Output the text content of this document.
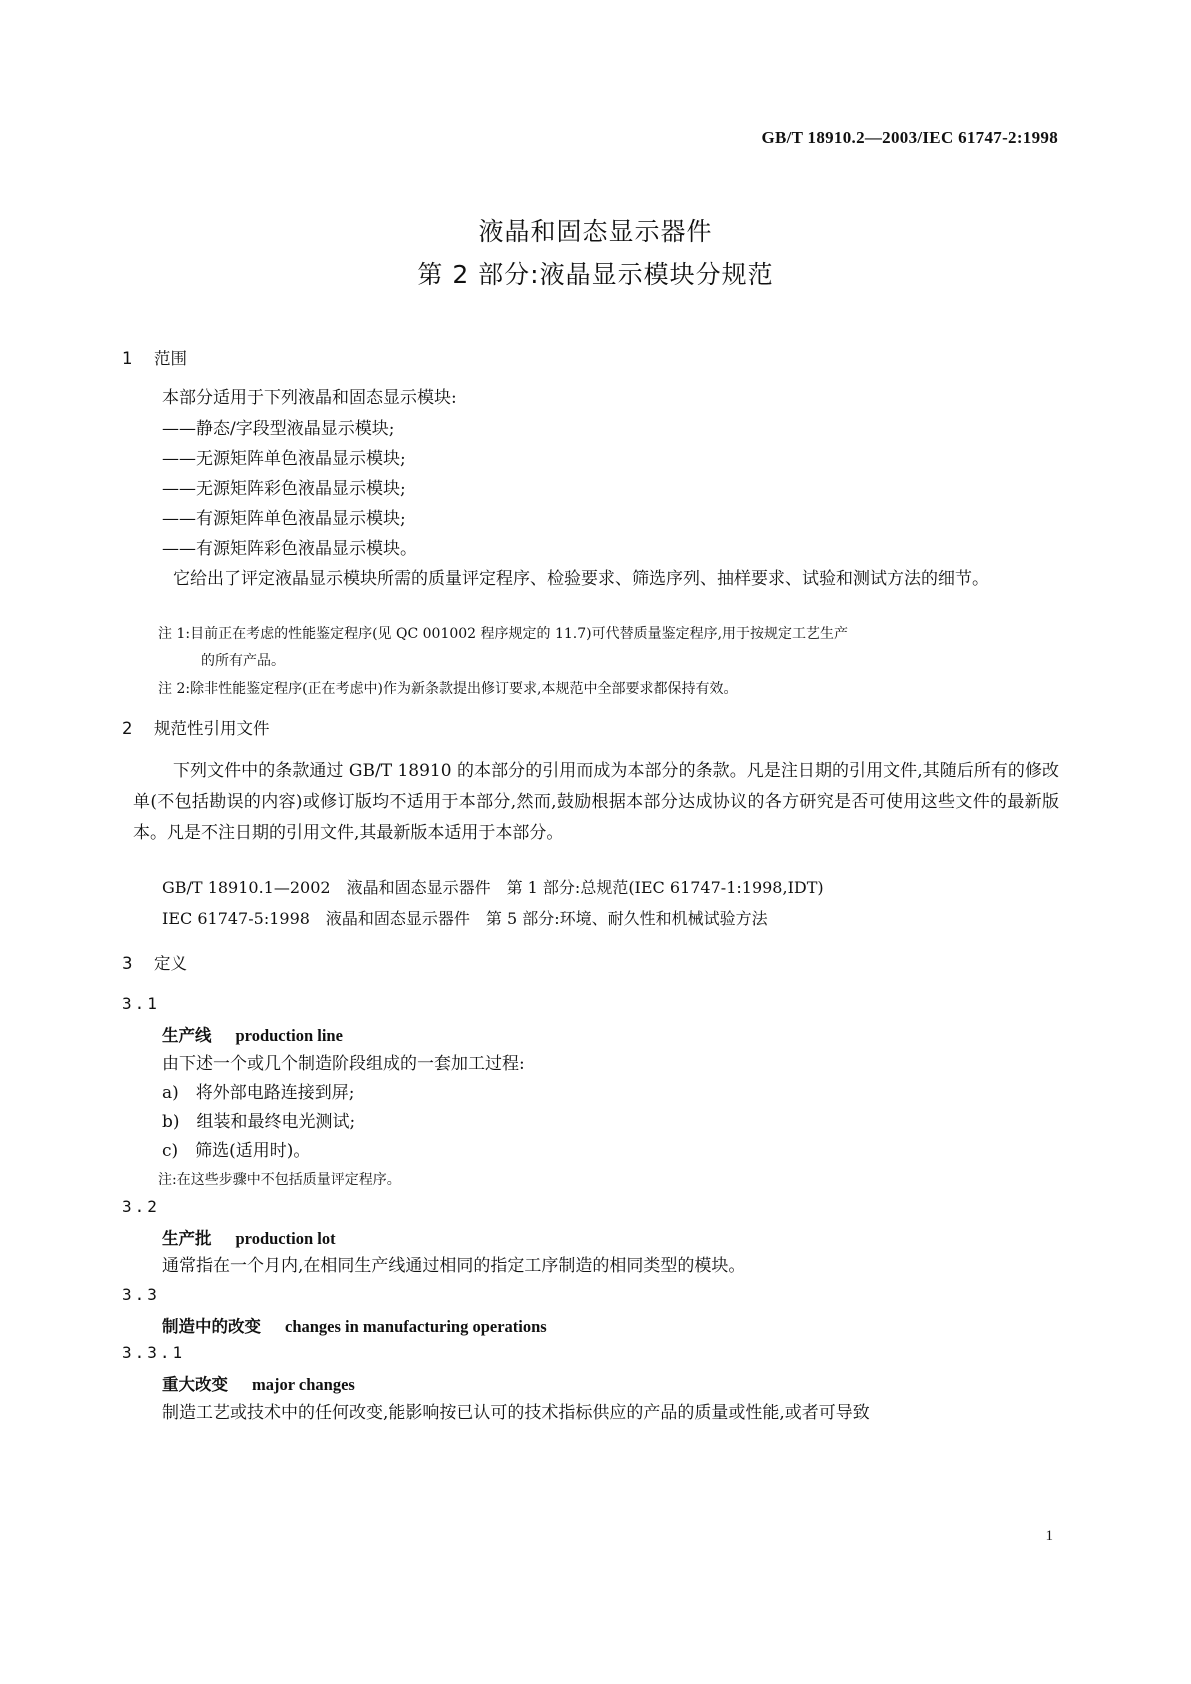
GB/T 18910.2—2003/IEC 61747-2:1998
液晶和固态显示器件
第 2 部分:液晶显示模块分规范
1 范围
本部分适用于下列液晶和固态显示模块:
——静态/字段型液晶显示模块;
——无源矩阵单色液晶显示模块;
——无源矩阵彩色液晶显示模块;
——有源矩阵单色液晶显示模块;
——有源矩阵彩色液晶显示模块。
它给出了评定液晶显示模块所需的质量评定程序、检验要求、筛选序列、抽样要求、试验和测试方法的细节。
注 1:目前正在考虑的性能鉴定程序(见 QC 001002 程序规定的 11.7)可代替质量鉴定程序,用于按规定工艺生产
的所有产品。
注 2:除非性能鉴定程序(正在考虑中)作为新条款提出修订要求,本规范中全部要求都保持有效。
2 规范性引用文件
下列文件中的条款通过 GB/T 18910 的本部分的引用而成为本部分的条款。凡是注日期的引用文件,其随后所有的修改单(不包括勘误的内容)或修订版均不适用于本部分,然而,鼓励根据本部分达成协议的各方研究是否可使用这些文件的最新版本。凡是不注日期的引用文件,其最新版本适用于本部分。
GB/T 18910.1—2002　液晶和固态显示器件　第 1 部分:总规范(IEC 61747-1:1998,IDT)
IEC 61747-5:1998　液晶和固态显示器件　第 5 部分:环境、耐久性和机械试验方法
3 定义
3.1
生产线 production line
由下述一个或几个制造阶段组成的一套加工过程:
a)　将外部电路连接到屏;
b)　组装和最终电光测试;
c)　筛选(适用时)。
注:在这些步骤中不包括质量评定程序。
3.2
生产批 production lot
通常指在一个月内,在相同生产线通过相同的指定工序制造的相同类型的模块。
3.3
制造中的改变 changes in manufacturing operations
3.3.1
重大改变 major changes
制造工艺或技术中的任何改变,能影响按已认可的技术指标供应的产品的质量或性能,或者可导致
1
